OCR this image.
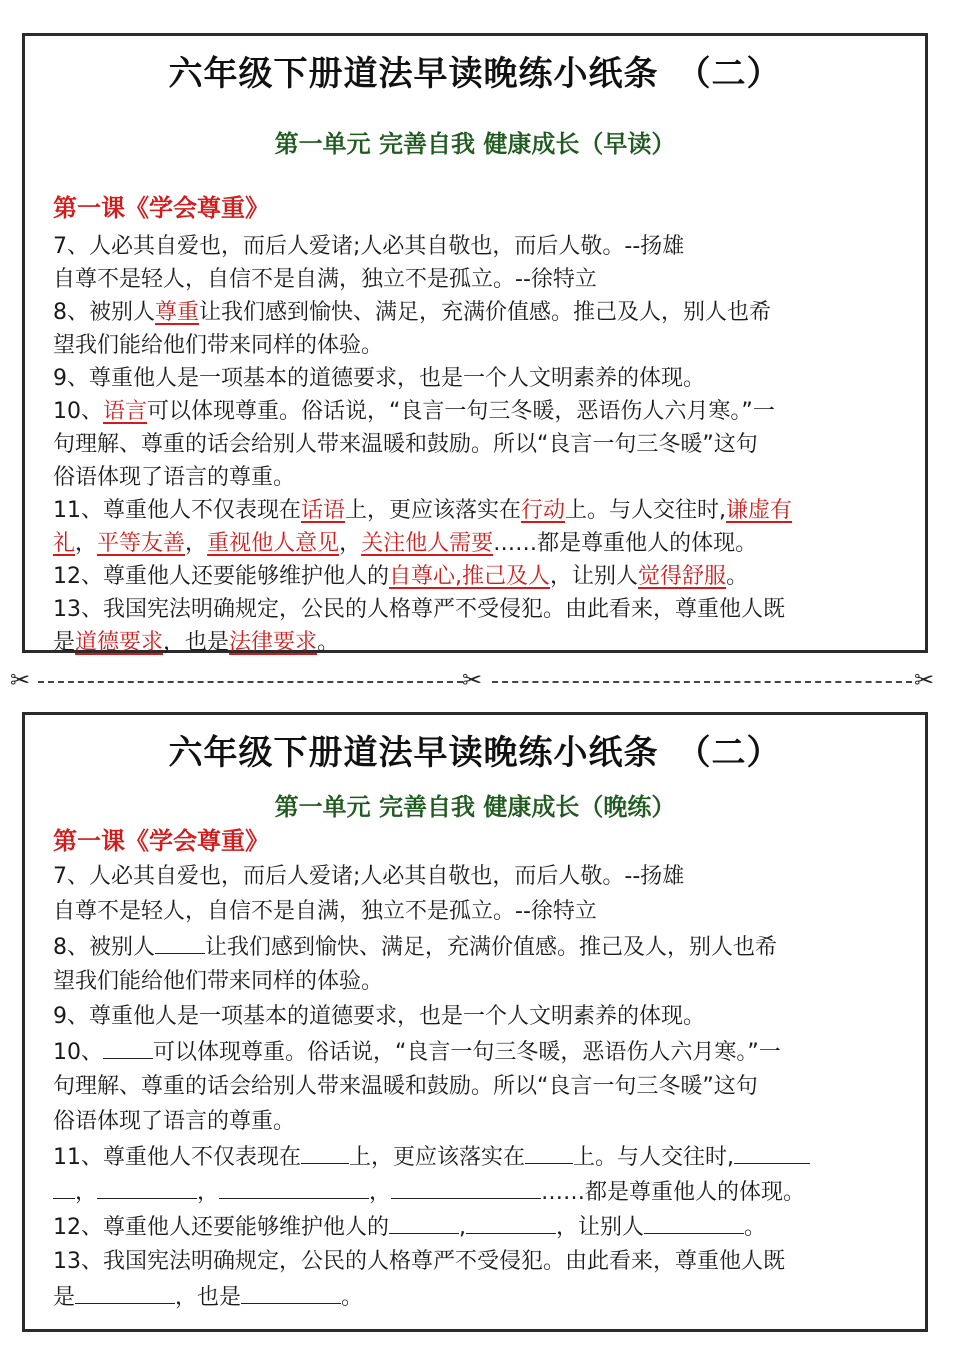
六年级下册道法早读晚练小纸条　（二）
第一单元 完善自我 健康成长（早读）
第一课《学会尊重》
7、人必其自爱也，而后人爱诸;人必其自敬也，而后人敬。--扬雄
自尊不是轻人，自信不是自满，独立不是孤立。--徐特立
8、被别人尊重让我们感到愉快、满足，充满价值感。推己及人，别人也希
望我们能给他们带来同样的体验。
9、尊重他人是一项基本的道德要求，也是一个人文明素养的体现。
10、语言可以体现尊重。俗话说，“良言一句三冬暖，恶语伤人六月寒。”一
句理解、尊重的话会给别人带来温暖和鼓励。所以“良言一句三冬暖”这句
俗语体现了语言的尊重。
11、尊重他人不仅表现在话语上，更应该落实在行动上。与人交往时,谦虚有
礼，平等友善，重视他人意见，关注他人需要……都是尊重他人的体现。
12、尊重他人还要能够维护他人的自尊心,推己及人，让别人觉得舒服。
13、我国宪法明确规定，公民的人格尊严不受侵犯。由此看来，尊重他人既
是道德要求，也是法律要求。
✂	✂	✂
六年级下册道法早读晚练小纸条　（二）
第一单元 完善自我 健康成长（晚练）
第一课《学会尊重》
7、人必其自爱也，而后人爱诸;人必其自敬也，而后人敬。--扬雄
自尊不是轻人，自信不是自满，独立不是孤立。--徐特立
8、被别人 让我们感到愉快、满足，充满价值感。推己及人，别人也希
望我们能给他们带来同样的体验。
9、尊重他人是一项基本的道德要求，也是一个人文明素养的体现。
10、 可以体现尊重。俗话说，“良言一句三冬暖，恶语伤人六月寒。”一
句理解、尊重的话会给别人带来温暖和鼓励。所以“良言一句三冬暖”这句
俗语体现了语言的尊重。
11、尊重他人不仅表现在 上，更应该落实在 上。与人交往时,
，	，	，	……都是尊重他人的体现。
12、尊重他人还要能够维护他人的	,	，让别人	。
13、我国宪法明确规定，公民的人格尊严不受侵犯。由此看来，尊重他人既
是	，也是	。
